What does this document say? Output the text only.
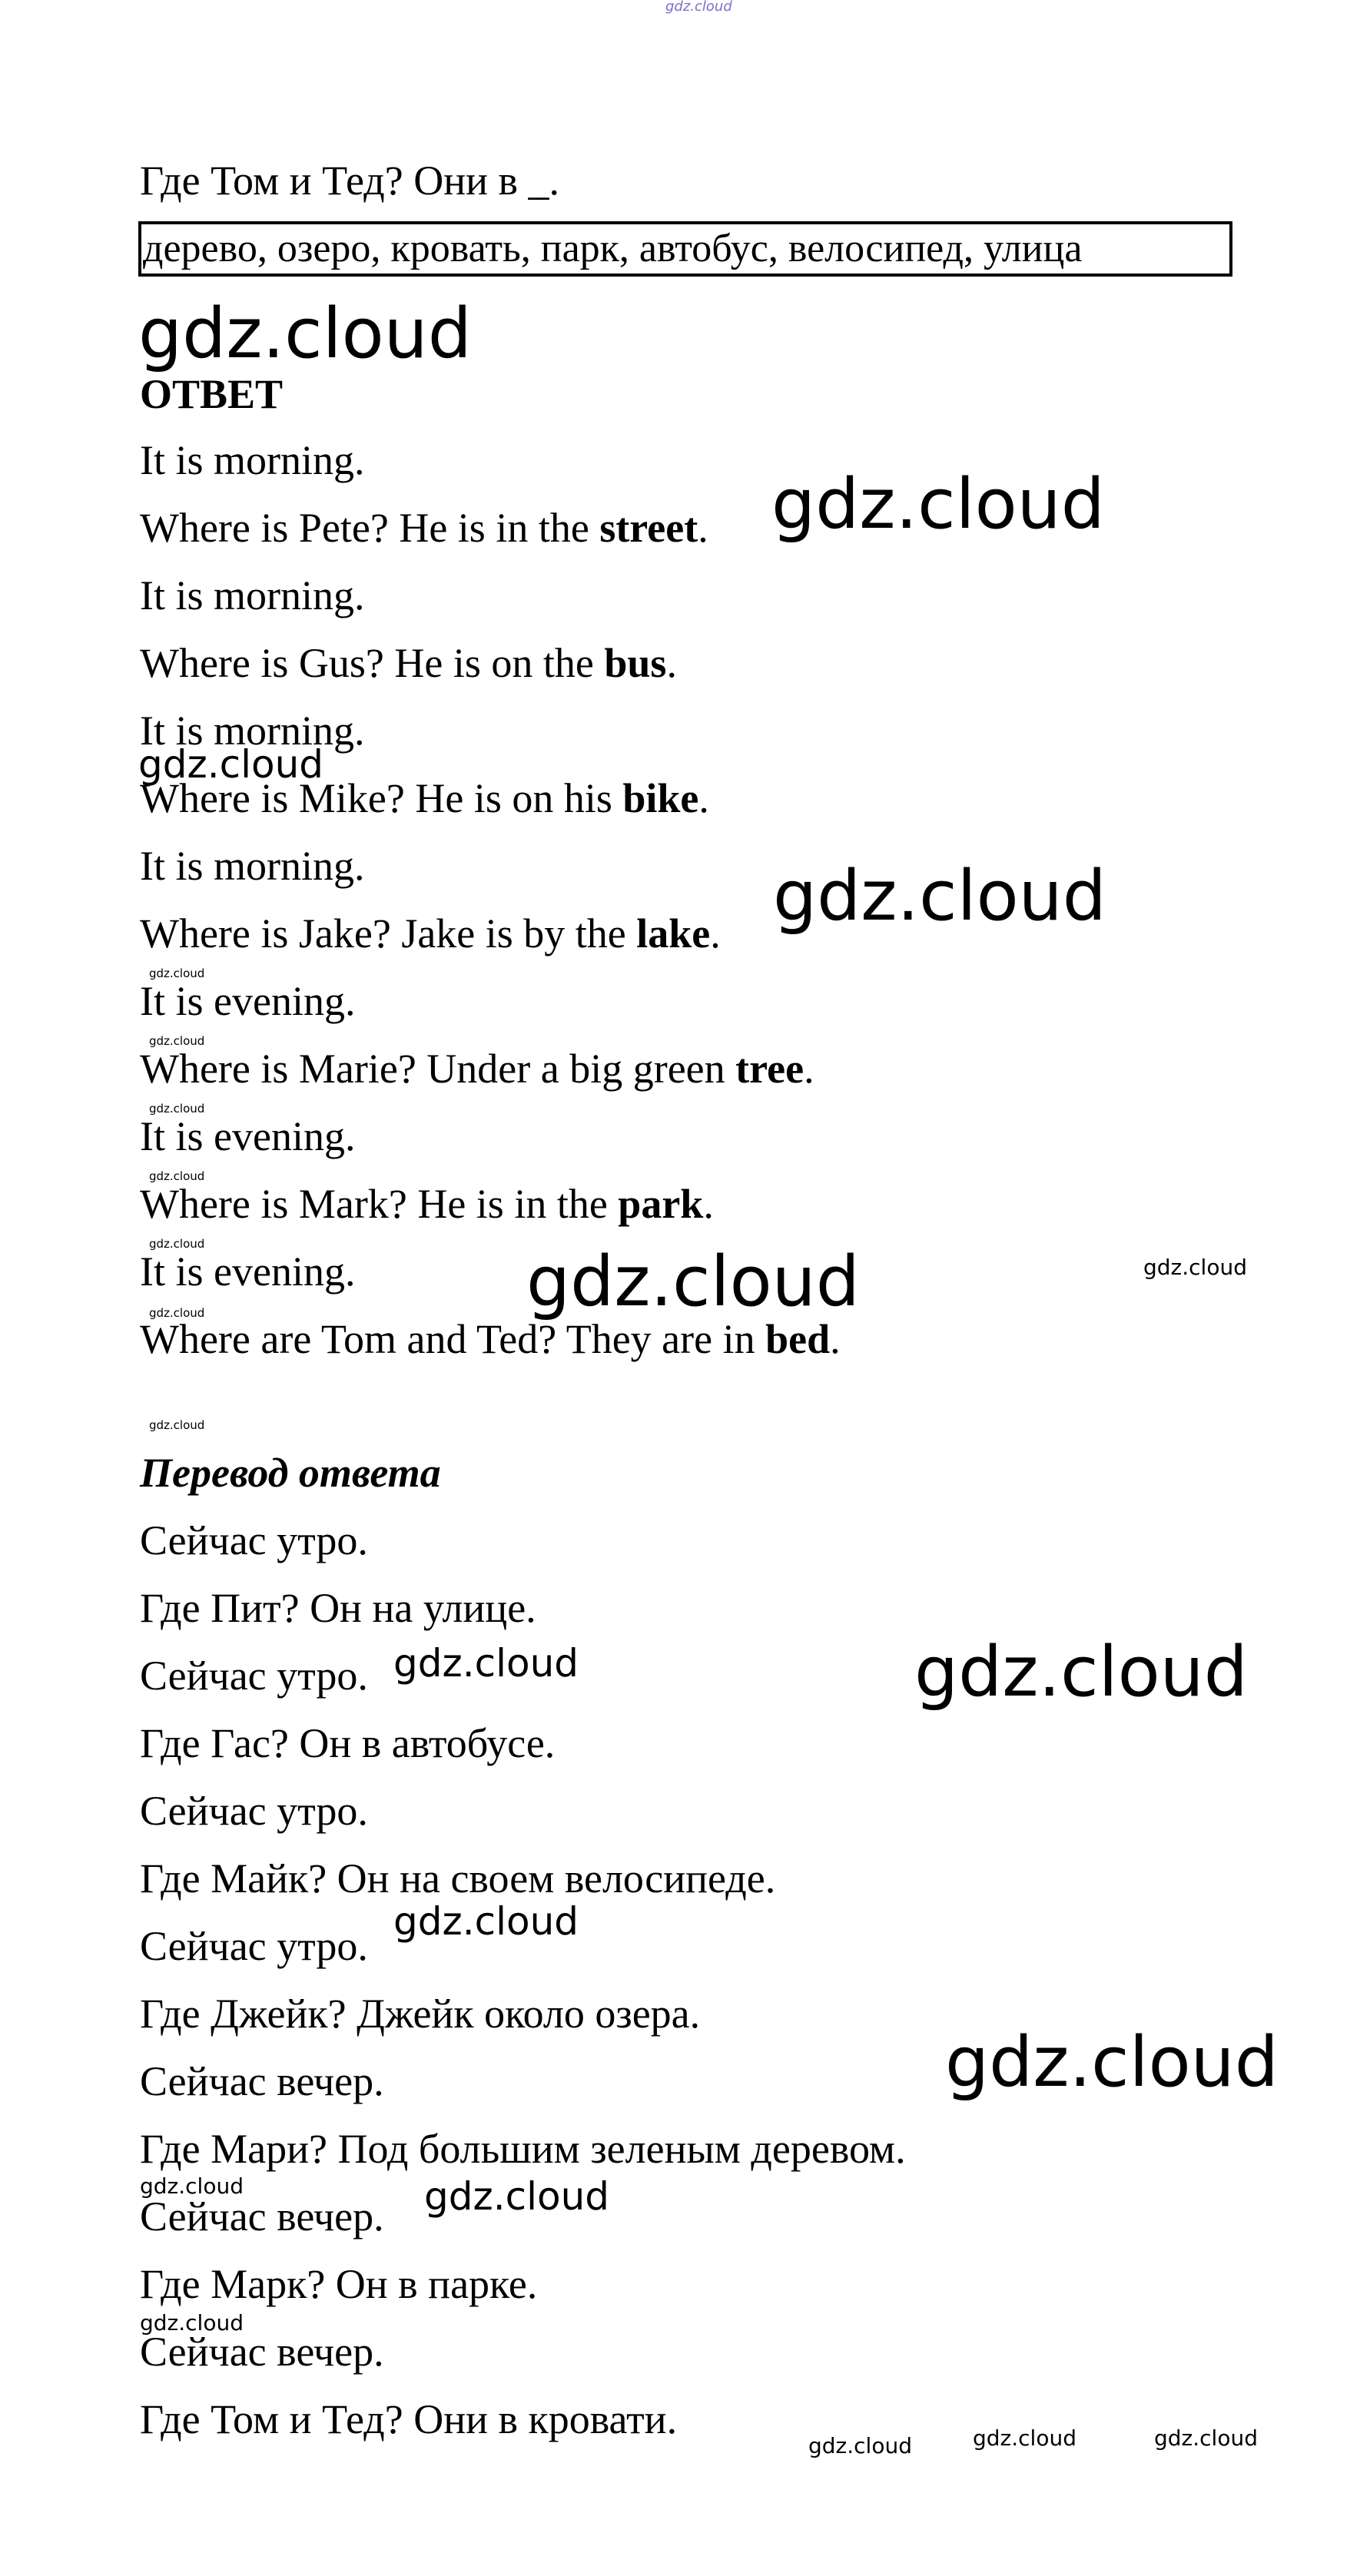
gdz.cloud
Где Том и Тед? Они в _.
дерево, озеро, кровать, парк, автобус, велосипед, улица
ОТВЕТ
It is morning.
Where is Pete? He is in the street.
It is morning.
Where is Gus? He is on the bus.
It is morning.
Where is Mike? He is on his bike.
It is morning.
Where is Jake? Jake is by the lake.
It is evening.
Where is Marie? Under a big green tree.
It is evening.
Where is Mark? He is in the park.
It is evening.
Where are Tom and Ted? They are in bed.
Перевод ответа
Сейчас утро.
Где Пит? Он на улице.
Сейчас утро.
Где Гас? Он в автобусе.
Сейчас утро.
Где Майк? Он на своем велосипеде.
Сейчас утро.
Где Джейк? Джейк около озера.
Сейчас вечер.
Где Мари? Под большим зеленым деревом.
Сейчас вечер.
Где Марк? Он в парке.
Сейчас вечер.
Где Том и Тед? Они в кровати.
gdz.cloud
gdz.cloud
gdz.cloud
gdz.cloud
gdz.cloud
gdz.cloud
gdz.cloud
gdz.cloud
gdz.cloud	gdz.cloud	gdz.cloud
gdz.cloud
gdz.cloud
gdz.cloud	gdz.cloud
gdz.cloud
gdz.cloud
gdz.cloud	gdz.cloud
gdz.cloud
gdz.cloud	gdz.cloud	gdz.cloud
